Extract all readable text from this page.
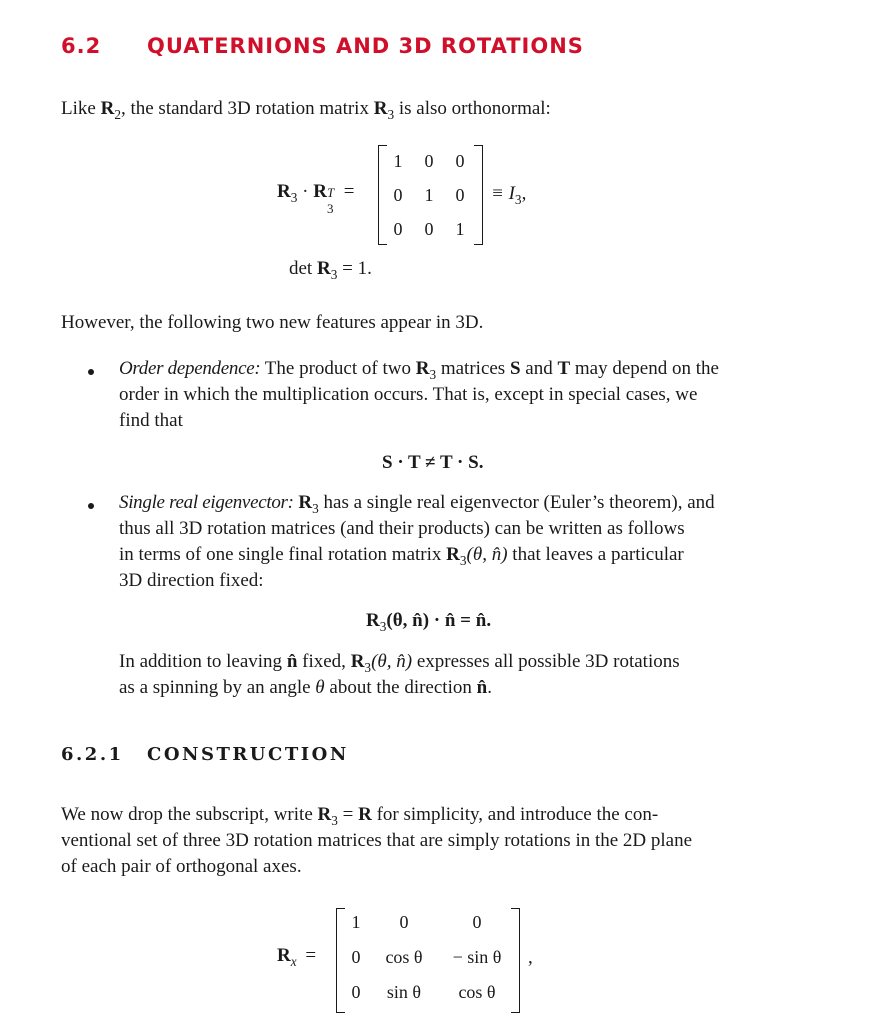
6.2 QUATERNIONS AND 3D ROTATIONS
Like $R_2$, the standard 3D rotation matrix $R_3$ is also orthonormal:
$R_3 \cdot R$ T
3
=
1	0	0
0	1	0
0	0	1
≡ $I_3$,
$\det R_3 = 1$.
However, the following two new features appear in 3D.
Order dependence: The product of two $R_3$ matrices S and T may depend on the
order in which the multiplication occurs. That is, except in special cases, we
find that
S · T ≠ T · S.
Single real eigenvector: $R_3$ has a single real eigenvector (Euler’s theorem), and
thus all 3D rotation matrices (and their products) can be written as follows
in terms of one single final rotation matrix $R_3(\theta$, n̂) that leaves a particular
3D direction fixed:
$R_3(\theta$, n̂) · n̂ = n̂.
In addition to leaving n̂ fixed, $R_3(\theta$, n̂) expresses all possible 3D rotations
as a spinning by an angle θ about the direction n̂.
6.2.1 CONSTRUCTION
We now drop the subscript, write $R_3 = R$ for simplicity, and introduce the con-
ventional set of three 3D rotation matrices that are simply rotations in the 2D plane
of each pair of orthogonal axes.
$R_x$ =
1	0	0
0	cos θ	− sin θ
0	sin θ	cos θ
,
